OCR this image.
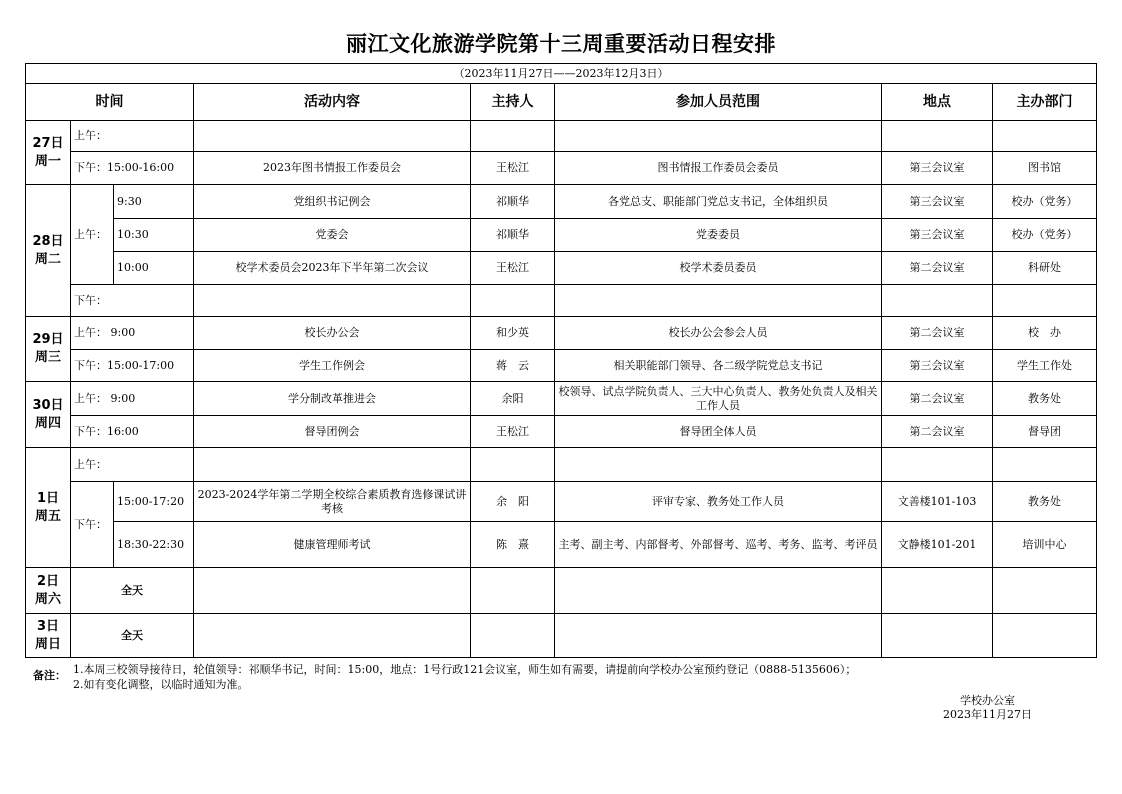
丽江文化旅游学院第十三周重要活动日程安排
（2023年11月27日——2023年12月3日）							
时间			活动内容	主持人	参加人员范围	地点	主办部门
27日
周一	上午：						
	下午：15:00-16:00		2023年图书情报工作委员会	王松江	图书情报工作委员会委员	第三会议室	图书馆
28日
周二	上午：	9:30	党组织书记例会	祁顺华	各党总支、职能部门党总支书记，全体组织员	第三会议室	校办（党务）
		10:30	党委会	祁顺华	党委委员	第三会议室	校办（党务）
		10:00	校学术委员会2023年下半年第二次会议	王松江	校学术委员委员	第二会议室	科研处
	下午：						
29日
周三	上午： 9:00		校长办公会	和少英	校长办公会参会人员	第二会议室	校　办
	下午：15:00-17:00		学生工作例会	蒋　云	相关职能部门领导、各二级学院党总支书记	第三会议室	学生工作处
30日
周四	上午： 9:00		学分制改革推进会	余阳	校领导、试点学院负责人、三大中心负责人、教务处负责人及相关工作人员	第二会议室	教务处
	下午：16:00		督导团例会	王松江	督导团全体人员	第二会议室	督导团
1日
周五	上午：						
	下午：	15:00-17:20	2023-2024学年第二学期全校综合素质教育选修课试讲考核	余　阳	评审专家、教务处工作人员	文善楼101-103	教务处
		18:30-22:30	健康管理师考试	陈　熹	主考、副主考、内部督考、外部督考、巡考、考务、监考、考评员	文静楼101-201	培训中心
2日
周六	全天						
3日
周日	全天						
备注： 1.本周三校领导接待日，轮值领导：祁顺华书记，时间：15:00，地点：1号行政121会议室，师生如有需要，请提前向学校办公室预约登记（0888-5135606）；
2.如有变化调整，以临时通知为准。
学校办公室
2023年11月27日
